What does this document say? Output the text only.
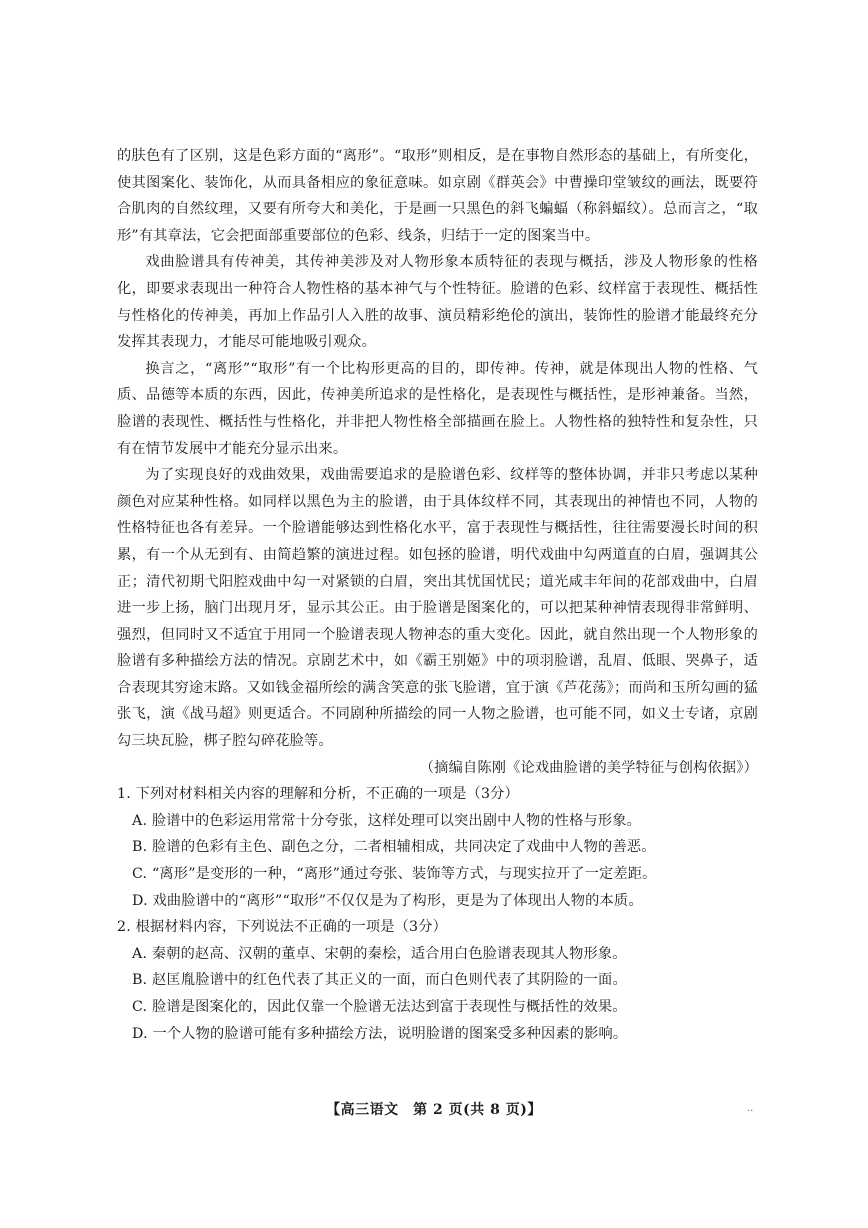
的肤色有了区别，这是色彩方面的“离形”。“取形”则相反，是在事物自然形态的基础上，有所变化，使其图案化、装饰化，从而具备相应的象征意味。如京剧《群英会》中曹操印堂皱纹的画法，既要符合肌肉的自然纹理，又要有所夸大和美化，于是画一只黑色的斜飞蝙蝠（称斜蝠纹）。总而言之，“取形”有其章法，它会把面部重要部位的色彩、线条，归结于一定的图案当中。

戏曲脸谱具有传神美，其传神美涉及对人物形象本质特征的表现与概括，涉及人物形象的性格化，即要求表现出一种符合人物性格的基本神气与个性特征。脸谱的色彩、纹样富于表现性、概括性与性格化的传神美，再加上作品引人入胜的故事、演员精彩绝伦的演出，装饰性的脸谱才能最终充分发挥其表现力，才能尽可能地吸引观众。

换言之，“离形”“取形”有一个比构形更高的目的，即传神。传神，就是体现出人物的性格、气质、品德等本质的东西，因此，传神美所追求的是性格化，是表现性与概括性，是形神兼备。当然，脸谱的表现性、概括性与性格化，并非把人物性格全部描画在脸上。人物性格的独特性和复杂性，只有在情节发展中才能充分显示出来。

为了实现良好的戏曲效果，戏曲需要追求的是脸谱色彩、纹样等的整体协调，并非只考虑以某种颜色对应某种性格。如同样以黑色为主的脸谱，由于具体纹样不同，其表现出的神情也不同，人物的性格特征也各有差异。一个脸谱能够达到性格化水平，富于表现性与概括性，往往需要漫长时间的积累，有一个从无到有、由简趋繁的演进过程。如包拯的脸谱，明代戏曲中勾两道直的白眉，强调其公正；清代初期弋阳腔戏曲中勾一对紧锁的白眉，突出其忧国忧民；道光咸丰年间的花部戏曲中，白眉进一步上扬，脑门出现月牙，显示其公正。由于脸谱是图案化的，可以把某种神情表现得非常鲜明、强烈，但同时又不适宜于用同一个脸谱表现人物神态的重大变化。因此，就自然出现一个人物形象的脸谱有多种描绘方法的情况。京剧艺术中，如《霸王别姬》中的项羽脸谱，乱眉、低眼、哭鼻子，适合表现其穷途末路。又如钱金福所绘的满含笑意的张飞脸谱，宜于演《芦花荡》；而尚和玉所勾画的猛张飞，演《战马超》则更适合。不同剧种所描绘的同一人物之脸谱，也可能不同，如义士专诸，京剧勾三块瓦脸，梆子腔勾碎花脸等。

（摘编自陈刚《论戏曲脸谱的美学特征与创构依据》）

1. 下列对材料相关内容的理解和分析，不正确的一项是（3分）

A. 脸谱中的色彩运用常常十分夸张，这样处理可以突出剧中人物的性格与形象。

B. 脸谱的色彩有主色、副色之分，二者相辅相成，共同决定了戏曲中人物的善恶。

C. “离形”是变形的一种，“离形”通过夸张、装饰等方式，与现实拉开了一定差距。

D. 戏曲脸谱中的“离形”“取形”不仅仅是为了构形，更是为了体现出人物的本质。

2. 根据材料内容，下列说法不正确的一项是（3分）

A. 秦朝的赵高、汉朝的董卓、宋朝的秦桧，适合用白色脸谱表现其人物形象。

B. 赵匡胤脸谱中的红色代表了其正义的一面，而白色则代表了其阴险的一面。

C. 脸谱是图案化的，因此仅靠一个脸谱无法达到富于表现性与概括性的效果。

D. 一个人物的脸谱可能有多种描绘方法，说明脸谱的图案受多种因素的影响。

【高三语文　第 2 页(共 8 页)】	..
